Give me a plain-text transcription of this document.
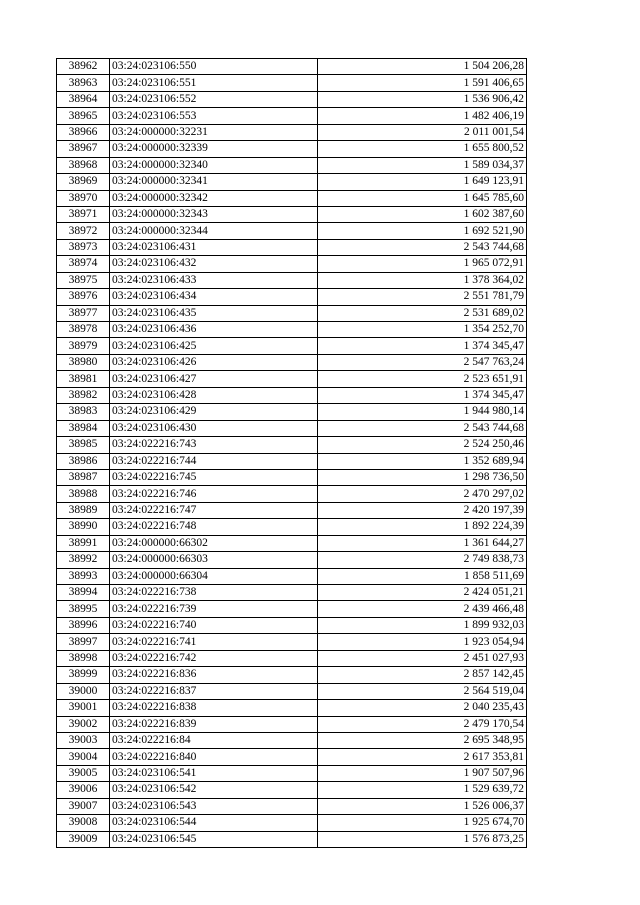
38962	03:24:023106:550	1 504 206,28
38963	03:24:023106:551	1 591 406,65
38964	03:24:023106:552	1 536 906,42
38965	03:24:023106:553	1 482 406,19
38966	03:24:000000:32231	2 011 001,54
38967	03:24:000000:32339	1 655 800,52
38968	03:24:000000:32340	1 589 034,37
38969	03:24:000000:32341	1 649 123,91
38970	03:24:000000:32342	1 645 785,60
38971	03:24:000000:32343	1 602 387,60
38972	03:24:000000:32344	1 692 521,90
38973	03:24:023106:431	2 543 744,68
38974	03:24:023106:432	1 965 072,91
38975	03:24:023106:433	1 378 364,02
38976	03:24:023106:434	2 551 781,79
38977	03:24:023106:435	2 531 689,02
38978	03:24:023106:436	1 354 252,70
38979	03:24:023106:425	1 374 345,47
38980	03:24:023106:426	2 547 763,24
38981	03:24:023106:427	2 523 651,91
38982	03:24:023106:428	1 374 345,47
38983	03:24:023106:429	1 944 980,14
38984	03:24:023106:430	2 543 744,68
38985	03:24:022216:743	2 524 250,46
38986	03:24:022216:744	1 352 689,94
38987	03:24:022216:745	1 298 736,50
38988	03:24:022216:746	2 470 297,02
38989	03:24:022216:747	2 420 197,39
38990	03:24:022216:748	1 892 224,39
38991	03:24:000000:66302	1 361 644,27
38992	03:24:000000:66303	2 749 838,73
38993	03:24:000000:66304	1 858 511,69
38994	03:24:022216:738	2 424 051,21
38995	03:24:022216:739	2 439 466,48
38996	03:24:022216:740	1 899 932,03
38997	03:24:022216:741	1 923 054,94
38998	03:24:022216:742	2 451 027,93
38999	03:24:022216:836	2 857 142,45
39000	03:24:022216:837	2 564 519,04
39001	03:24:022216:838	2 040 235,43
39002	03:24:022216:839	2 479 170,54
39003	03:24:022216:84	2 695 348,95
39004	03:24:022216:840	2 617 353,81
39005	03:24:023106:541	1 907 507,96
39006	03:24:023106:542	1 529 639,72
39007	03:24:023106:543	1 526 006,37
39008	03:24:023106:544	1 925 674,70
39009	03:24:023106:545	1 576 873,25
